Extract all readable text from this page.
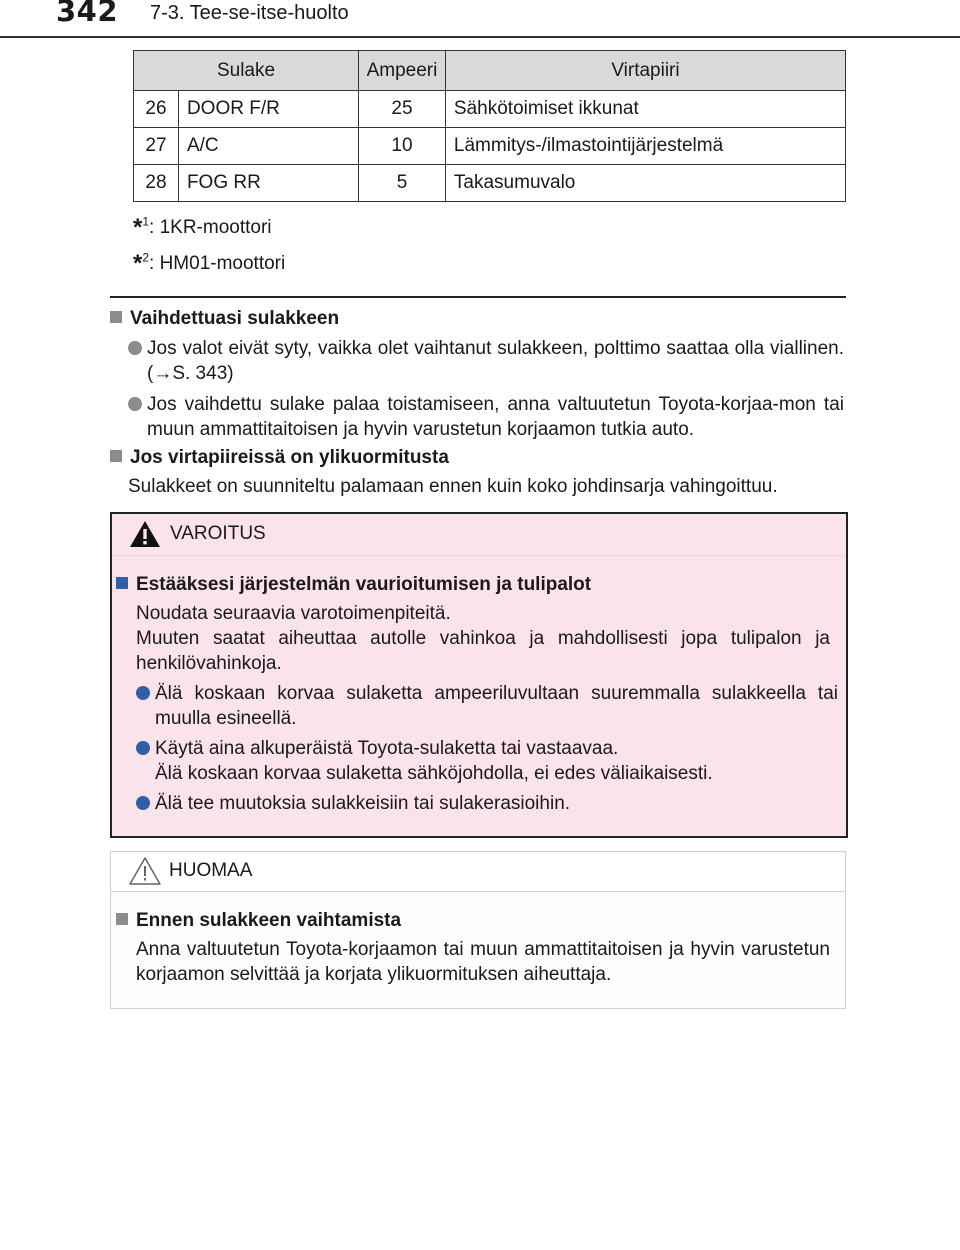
342 7-3. Tee-se-itse-huolto
Sulake		Ampeeri	Virtapiiri
26	DOOR F/R	25	Sähkötoimiset ikkunat
27	A/C	10	Lämmitys-/ilmastointijärjestelmä
28	FOG RR	5	Takasumuvalo
*$^1$: 1KR-moottori
*$^2$: HM01-moottori
Vaihdettuasi sulakkeen
Jos valot eivät syty, vaikka olet vaihtanut sulakkeen, polttimo saattaa olla viallinen. (→S. 343)
Jos vaihdettu sulake palaa toistamiseen, anna valtuutetun Toyota-korjaa-mon tai muun ammattitaitoisen ja hyvin varustetun korjaamon tutkia auto.
Jos virtapiireissä on ylikuormitusta
Sulakkeet on suunniteltu palamaan ennen kuin koko johdinsarja vahingoittuu.
VAROITUS
Estääksesi järjestelmän vaurioitumisen ja tulipalot
Noudata seuraavia varotoimenpiteitä.
Muuten saatat aiheuttaa autolle vahinkoa ja mahdollisesti jopa tulipalon ja henkilövahinkoja.
Älä koskaan korvaa sulaketta ampeeriluvultaan suuremmalla sulakkeella tai muulla esineellä.
Käytä aina alkuperäistä Toyota-sulaketta tai vastaavaa.
Älä koskaan korvaa sulaketta sähköjohdolla, ei edes väliaikaisesti.
Älä tee muutoksia sulakkeisiin tai sulakerasioihin.
HUOMAA
Ennen sulakkeen vaihtamista
Anna valtuutetun Toyota-korjaamon tai muun ammattitaitoisen ja hyvin varustetun korjaamon selvittää ja korjata ylikuormituksen aiheuttaja.
